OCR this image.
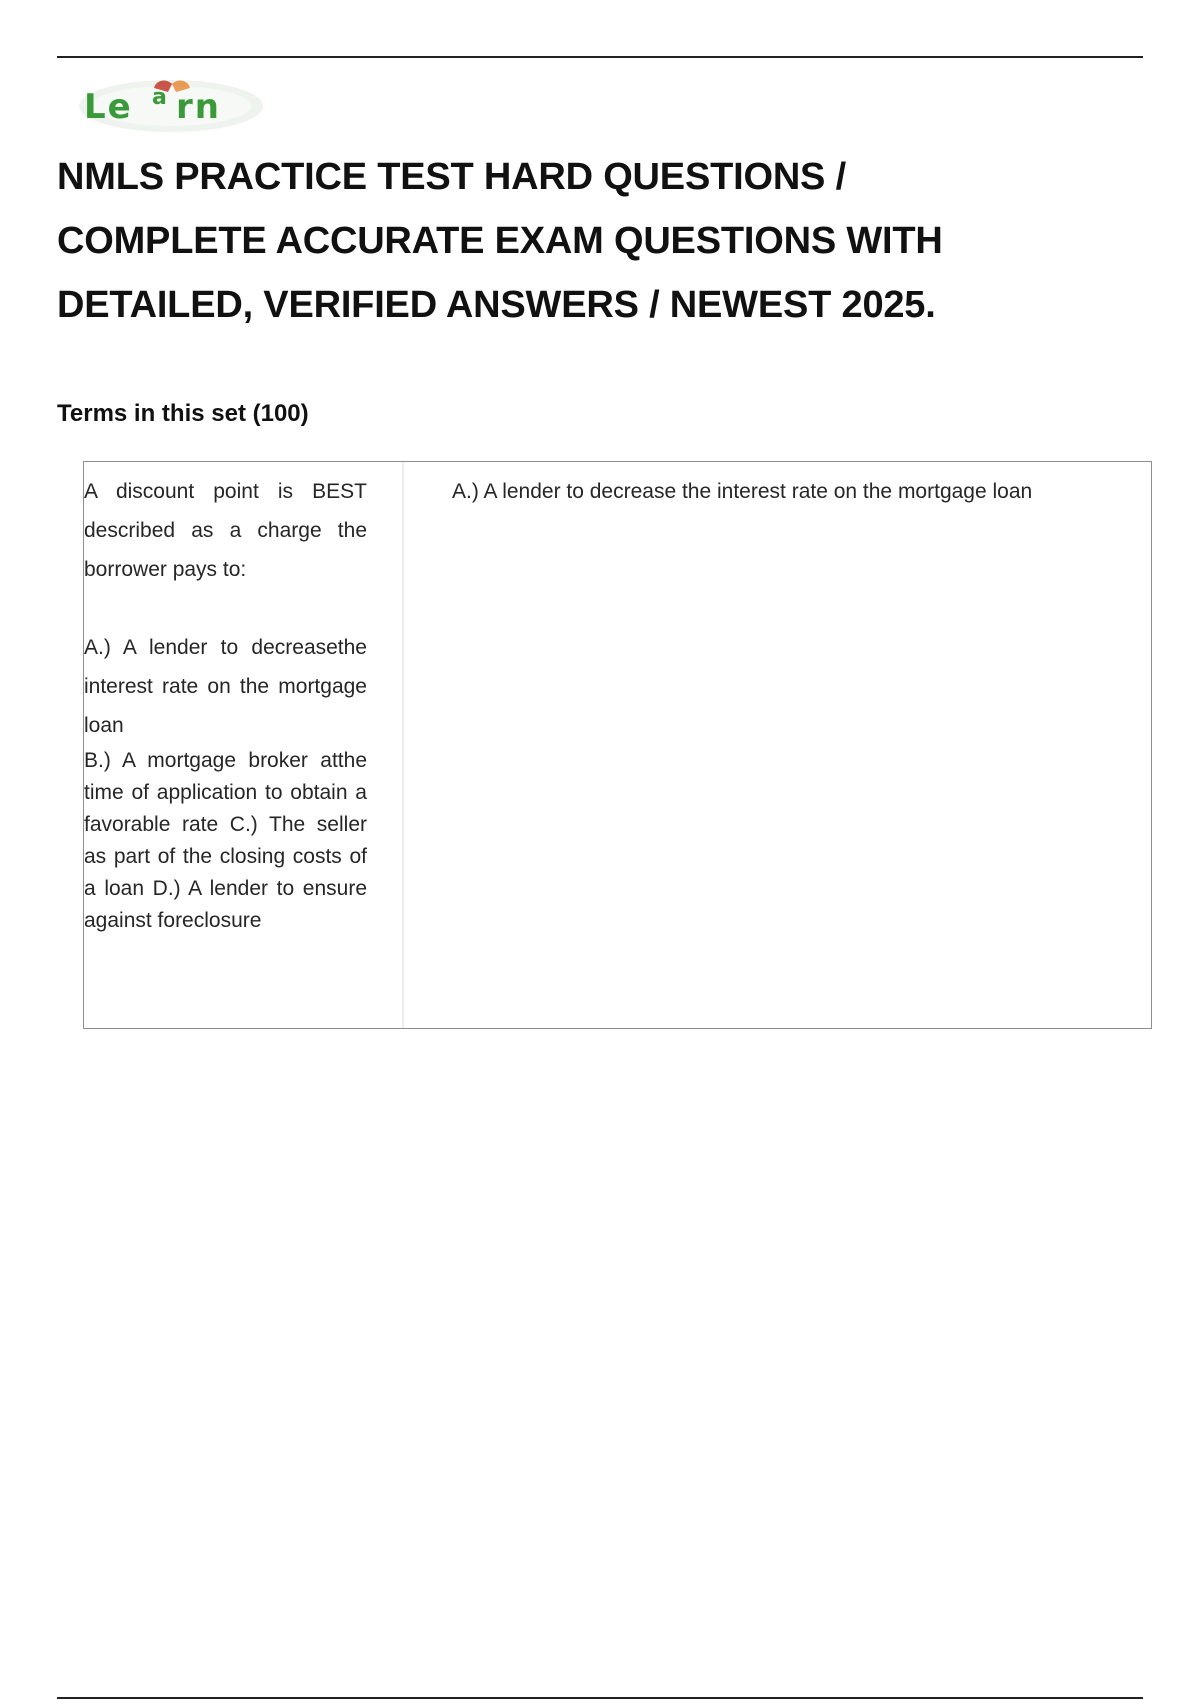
Le a rn
NMLS PRACTICE TEST HARD QUESTIONS / COMPLETE ACCURATE EXAM QUESTIONS WITH DETAILED, VERIFIED ANSWERS / NEWEST 2025.
Terms in this set (100)

A discount point is BEST described as a charge the borrower pays to:

A.) A lender to decreasethe interest rate on the mortgage loan

B.) A mortgage broker atthe time of application to obtain a favorable rate C.) The seller as part of the closing costs of a loan D.) A lender to ensure against foreclosure

A.) A lender to decrease the interest rate on the mortgage loan
